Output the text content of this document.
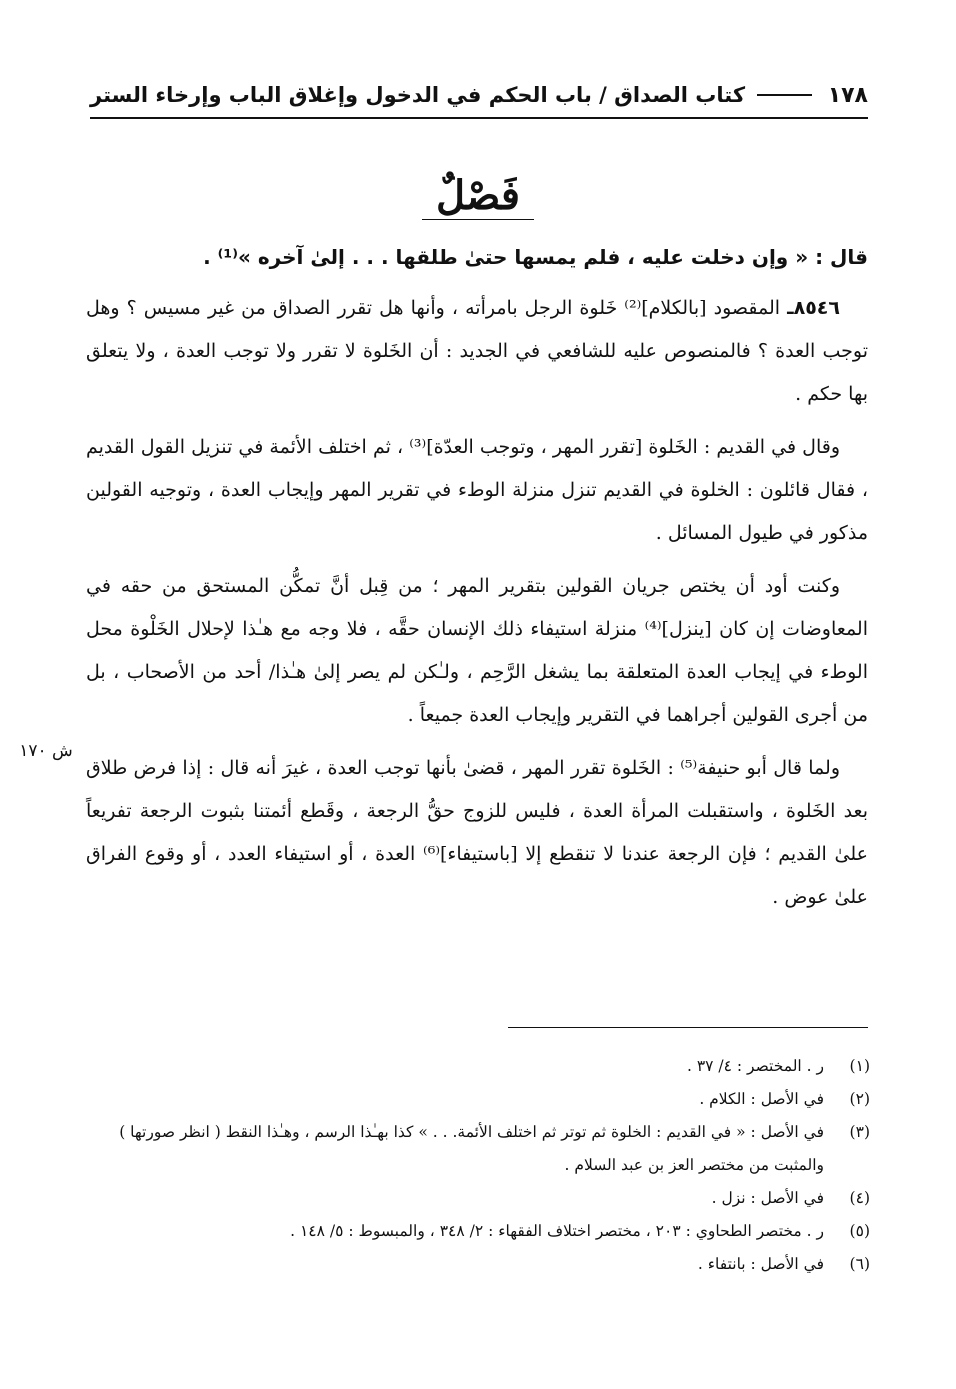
١٧٨
كتاب الصداق / باب الحكم في الدخول وإغلاق الباب وإرخاء الستر
فَصْلٌ

قال : « وإن دخلت عليه ، فلم يمسها حتىٰ طلقها . . . إلىٰ آخره »⁽¹⁾ .

٨٥٤٦ـ المقصود [بالكلام]⁽²⁾ خَلوة الرجل بامرأته ، وأنها هل تقرر الصداق من غير مسيس ؟ وهل توجب العدة ؟ فالمنصوص عليه للشافعي في الجديد : أن الخَلوة لا تقرر ولا توجب العدة ، ولا يتعلق بها حكم .

وقال في القديم : الخَلوة [تقرر المهر ، وتوجب العدّة]⁽³⁾ ، ثم اختلف الأئمة في تنزيل القول القديم ، فقال قائلون : الخلوة في القديم تنزل منزلة الوطء في تقرير المهر وإيجاب العدة ، وتوجيه القولين مذكور في طيول المسائل .

وكنت أود أن يختص جريان القولين بتقرير المهر ؛ من قِبل أنَّ تمكُّن المستحق من حقه في المعاوضات إن كان [ينزل]⁽⁴⁾ منزلة استيفاء ذلك الإنسان حقَّه ، فلا وجه مع هـٰذا لإحلال الخَلْوة محل الوطء في إيجاب العدة المتعلقة بما يشغل الرَّحِم ، ولـٰكن لم يصر إلىٰ هـٰذا/ أحد من الأصحاب ، بل من أجرى القولين أجراهما في التقرير وإيجاب العدة جميعاً .

ولما قال أبو حنيفة⁽⁵⁾ : الخَلوة تقرر المهر ، قضىٰ بأنها توجب العدة ، غيرَ أنه قال : إذا فرض طلاق بعد الخَلوة ، واستقبلت المرأة العدة ، فليس للزوج حقُّ الرجعة ، وقَطع أئمتنا بثبوت الرجعة تفريعاً علىٰ القديم ؛ فإن الرجعة عندنا لا تنقطع إلا [باستيفاء]⁽⁶⁾ العدة ، أو استيفاء العدد ، أو وقوع الفراق علىٰ عوض .

ش ١٧٠
(١)
ر . المختصر : ٤/ ٣٧ .
(٢)
في الأصل : الكلام .
(٣)
في الأصل : « في القديم : الخلوة ثم توتر ثم اختلف الأئمة. . . » كذا بهـٰذا الرسم ، وهـٰذا النقط ( انظر صورتها ) والمثبت من مختصر العز بن عبد السلام .
(٤)
في الأصل : نزل .
(٥)
ر . مختصر الطحاوي : ٢٠٣ ، مختصر اختلاف الفقهاء : ٢/ ٣٤٨ ، والمبسوط : ٥/ ١٤٨ .
(٦)
في الأصل : بانتفاء .
